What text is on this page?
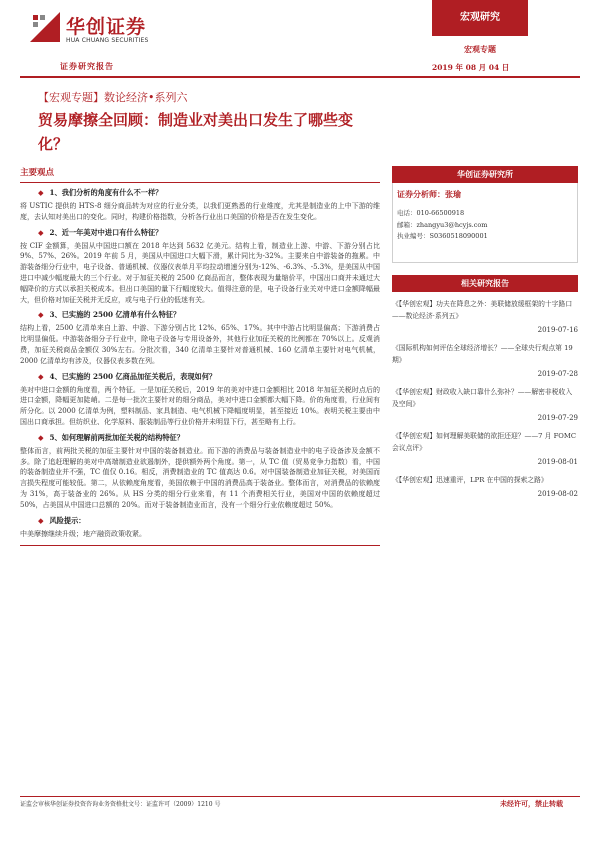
华创证券
HUA CHUANG SECURITIES
证券研究报告
宏观研究
宏观专题
2019 年 08 月 04 日
【宏观专题】数论经济•系列六
贸易摩擦全回顾：制造业对美出口发生了哪些变化？
主要观点
◆ 1、我们分析的角度有什么不一样？
将 USTIC 提供的 HTS-8 细分商品转为对应的行业分类，以我们更熟悉的行业维度，尤其是制造业的上中下游的维度，去认知对美出口的变化。同时，构建价格指数，分析各行业出口美国的价格是否在发生变化。
◆ 2、近一年美对中进口有什么特征？
按 CIF 金额算，美国从中国进口额在 2018 年达到 5632 亿美元。结构上看，制造业上游、中游、下游分别占比 9%、57%、26%。2019 年前 5 月，美国从中国进口大幅下滑，累计同比为-32%。主要来自中游装备的拖累。中游装备细分行业中，电子设备、普通机械、仪器仪表单月平均拉动增速分别为-12%、-6.3%、-5.3%，是美国从中国进口中减少幅度最大的三个行业。对于加征关税的 2500 亿商品而言，整体表现为量缩价平，中国出口商并未通过大幅降价的方式以承担关税成本。但出口美国的量下行幅度较大。值得注意的是，电子设备行业关对中进口金额降幅最大，但价格对加征关税并无反应，或与电子行业的低迷有关。
◆ 3、已实施的 2500 亿清单有什么特征？
结构上看，2500 亿清单来自上游、中游、下游分别占比 12%、65%、17%。其中中游占比明显偏高；下游消费占比明显偏低。中游装备细分子行业中，除电子设备与专用设备外，其他行业加征关税的比例都在 70%以上。反观消费，加征关税商品金额仅 30%左右。分批次看，340 亿清单主要针对普通机械、160 亿清单主要针对电气机械，2000 亿清单均有涉及，仪器仪表多数在列。
◆ 4、已实施的 2500 亿商品加征关税后，表现如何？
美对中进口金额的角度看，两个特征。一是加征关税后，2019 年的美对中进口金额相比 2018 年加征关税时点后的进口金额，降幅更加陡峭。二是每一批次主要针对的细分商品，美对中进口金额都大幅下降。价的角度看，行业间有所分化。以 2000 亿清单为例，塑料制品、家具制造、电气机械下降幅度明显，甚至接近 10%。表明关税主要由中国出口商承担。但纺织业、化学原料、服装制品等行业价格并未明显下行，甚至略有上行。
◆ 5、如何理解前两批加征关税的结构特征？
整体而言，前两批关税的加征主要针对中国的装备制造业。而下游的消费品与装备制造业中的电子设备涉及金额不多。除了追赶理解的美对中高端制造业欲遏制外，提供额外两个角度。第一，从 TC 值（贸易竞争力指数）看，中国的装备制造业并不强，TC 值仅 0.16。相反，消费制造业的 TC 值高达 0.6。对中国装备制造业加征关税，对美国而言损失程度可能较低。第二，从依赖度角度看，美国依赖于中国的消费品高于装备业。整体而言，对消费品的依赖度为 31%，高于装备业的 26%。从 HS 分类的细分行业来看，有 11 个消费相关行业，美国对中国的依赖度超过 50%，占美国从中国进口总额的 20%。而对于装备制造业而言，没有一个细分行业依赖度超过 50%。
◆ 风险提示：
中美摩擦继续升级；地产融资政策收紧。
华创证券研究所
证券分析师：张瑜
电话：010-66500918
邮箱：zhangyu3@hcyjs.com
执业编号：S0360518090001
相关研究报告
《【华创宏观】功夫在降息之外：美联储放缓框架的十字路口——数论经济·系列五》
2019-07-16
《国际机构如何评估全球经济增长？——全球央行观点第 19 期》
2019-07-28
《【华创宏观】财政收入缺口靠什么弥补？——解密非税收入及空间》
2019-07-29
《【华创宏观】如何理解美联储的欲拒还迎？——7 月 FOMC 会议点评》
2019-08-01
《【华创宏观】迅速重评，LPR 在中国的探索之路》
2019-08-02
证监会审核华创证券投资咨询业务资格批文号：证监许可（2009）1210 号	未经许可，禁止转载
